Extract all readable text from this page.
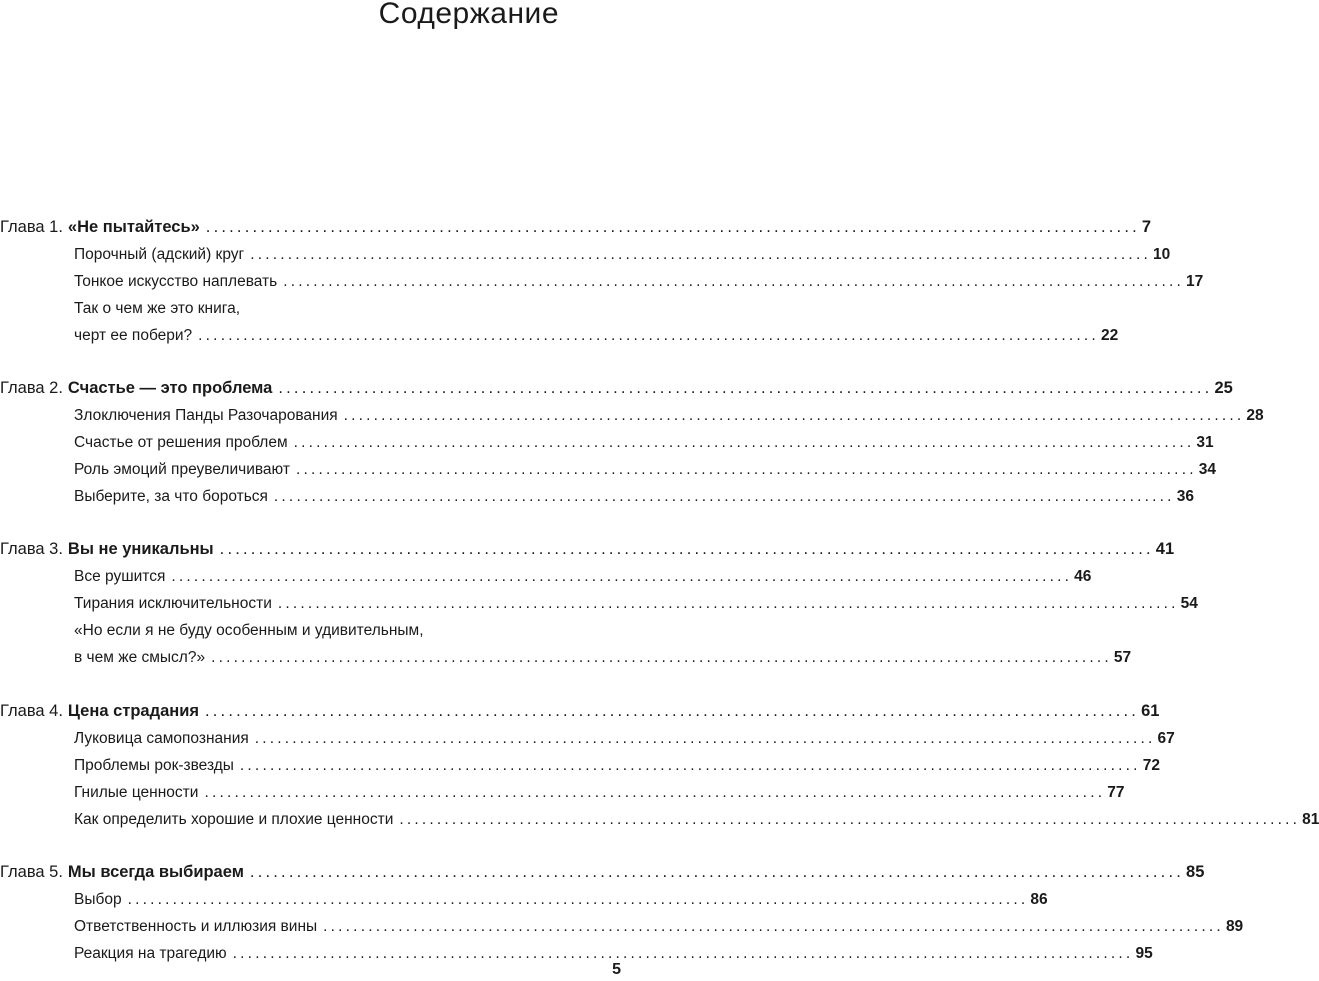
Содержание
Глава 1. «Не пытайтесь» ........................................................................................................................ 7
Порочный (адский) круг ........................................................................................................................ 10
Тонкое искусство наплевать ........................................................................................................................ 17
Так о чем же это книга,
черт ее побери? ........................................................................................................................ 22
Глава 2. Счастье — это проблема ........................................................................................................................ 25
Злоключения Панды Разочарования ........................................................................................................................ 28
Счастье от решения проблем ........................................................................................................................ 31
Роль эмоций преувеличивают ........................................................................................................................ 34
Выберите, за что бороться ........................................................................................................................ 36
Глава 3. Вы не уникальны ........................................................................................................................ 41
Все рушится ........................................................................................................................ 46
Тирания исключительности ........................................................................................................................ 54
«Но если я не буду особенным и удивительным,
в чем же смысл?» ........................................................................................................................ 57
Глава 4. Цена страдания ........................................................................................................................ 61
Луковица самопознания ........................................................................................................................ 67
Проблемы рок-звезды ........................................................................................................................ 72
Гнилые ценности ........................................................................................................................ 77
Как определить хорошие и плохие ценности ........................................................................................................................ 81
Глава 5. Мы всегда выбираем ........................................................................................................................ 85
Выбор ........................................................................................................................ 86
Ответственность и иллюзия вины ........................................................................................................................ 89
Реакция на трагедию ........................................................................................................................ 95
5
